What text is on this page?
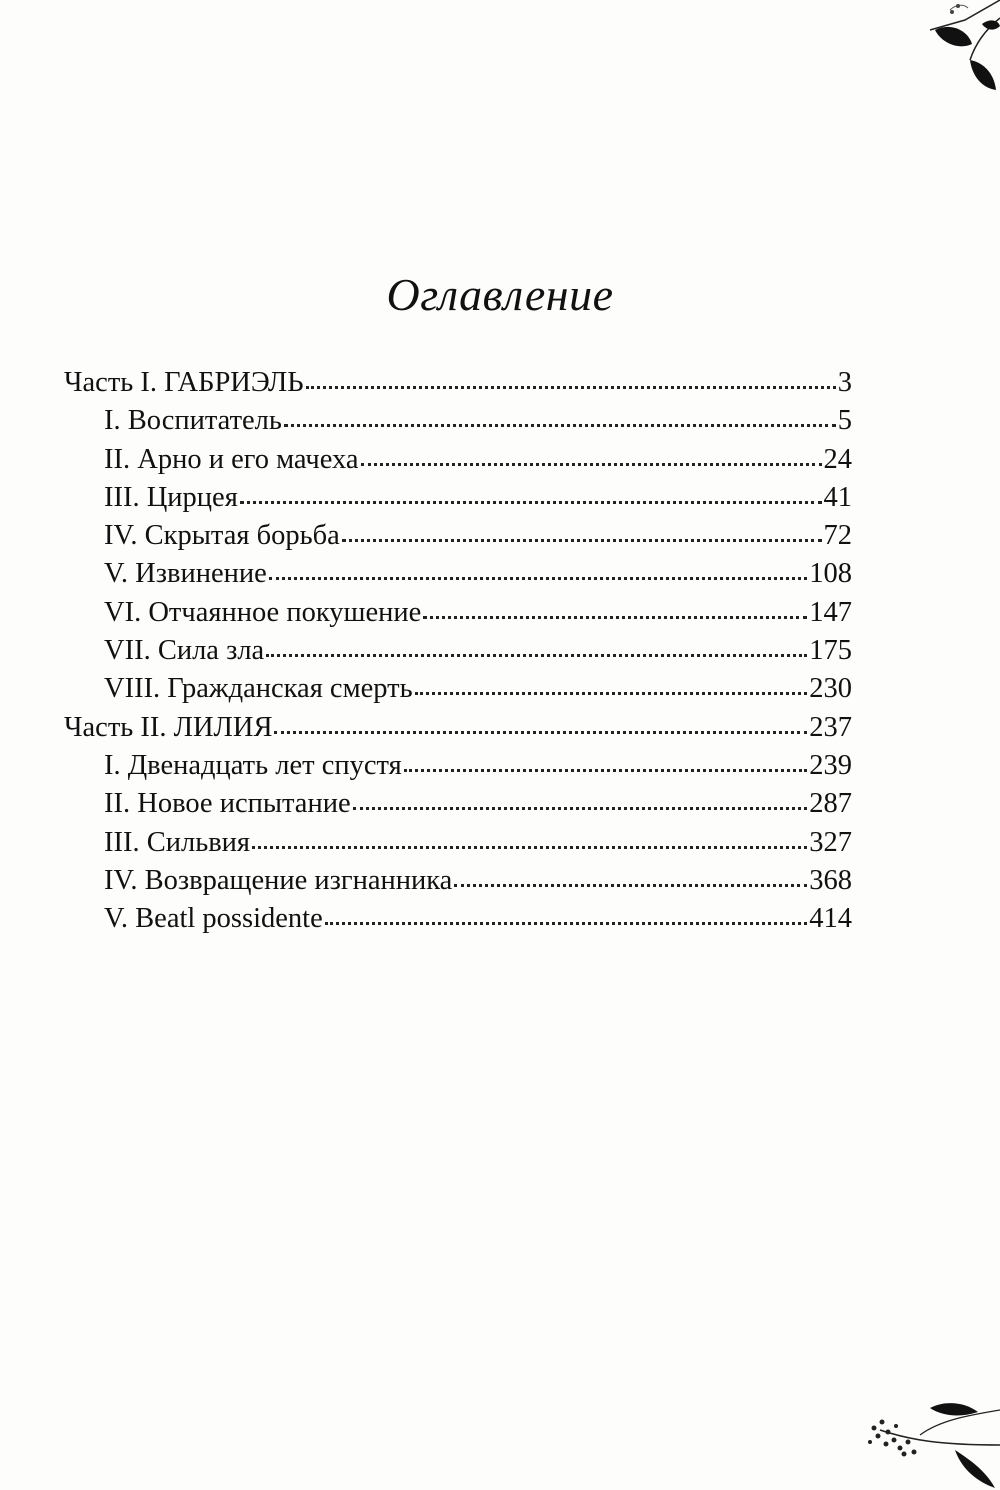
Оглавление
Часть I. ГАБРИЭЛЬ	3
I. Воспитатель	5
II. Арно и его мачеха	24
III. Цирцея	41
IV. Скрытая борьба	72
V. Извинение	108
VI. Отчаянное покушение	147
VII. Сила зла	175
VIII. Гражданская смерть	230
Часть II. ЛИЛИЯ	237
I. Двенадцать лет спустя	239
II. Новое испытание	287
III. Сильвия	327
IV. Возвращение изгнанника	368
V. Beatl possidente	414
